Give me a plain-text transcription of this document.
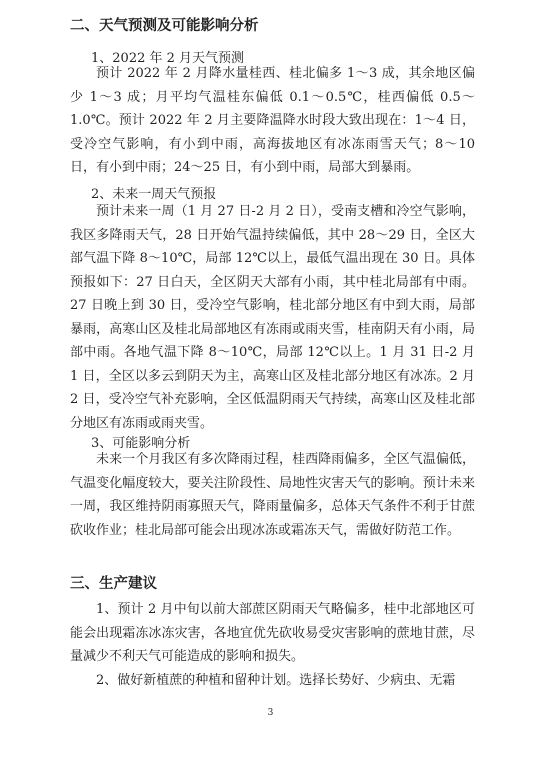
二、天气预测及可能影响分析
1、2022 年 2 月天气预测

预计 2022 年 2 月降水量桂西、桂北偏多 1～3 成，其余地区偏少 1～3 成；月平均气温桂东偏低 0.1～0.5℃，桂西偏低 0.5～1.0℃。预计 2022 年 2 月主要降温降水时段大致出现在：1～4 日，受冷空气影响，有小到中雨，高海拔地区有冰冻雨雪天气；8～10 日，有小到中雨；24～25 日，有小到中雨，局部大到暴雨。

2、未来一周天气预报

预计未来一周（1 月 27 日-2 月 2 日），受南支槽和冷空气影响，我区多降雨天气，28 日开始气温持续偏低，其中 28～29 日，全区大部气温下降 8～10℃，局部 12℃以上，最低气温出现在 30 日。具体预报如下：27 日白天，全区阴天大部有小雨，其中桂北局部有中雨。27 日晚上到 30 日，受冷空气影响，桂北部分地区有中到大雨，局部暴雨，高寒山区及桂北局部地区有冻雨或雨夹雪，桂南阴天有小雨，局部中雨。各地气温下降 8～10℃，局部 12℃以上。1 月 31 日-2 月 1 日，全区以多云到阴天为主，高寒山区及桂北部分地区有冰冻。2 月 2 日，受冷空气补充影响，全区低温阴雨天气持续，高寒山区及桂北部分地区有冻雨或雨夹雪。

3、可能影响分析

未来一个月我区有多次降雨过程，桂西降雨偏多，全区气温偏低，气温变化幅度较大，要关注阶段性、局地性灾害天气的影响。预计未来一周，我区维持阴雨寡照天气，降雨量偏多，总体天气条件不利于甘蔗砍收作业；桂北局部可能会出现冰冻或霜冻天气，需做好防范工作。

三、生产建议

1、预计 2 月中旬以前大部蔗区阴雨天气略偏多，桂中北部地区可能会出现霜冻冰冻灾害，各地宜优先砍收易受灾害影响的蔗地甘蔗，尽量减少不利天气可能造成的影响和损失。

2、做好新植蔗的种植和留种计划。选择长势好、少病虫、无霜

3
